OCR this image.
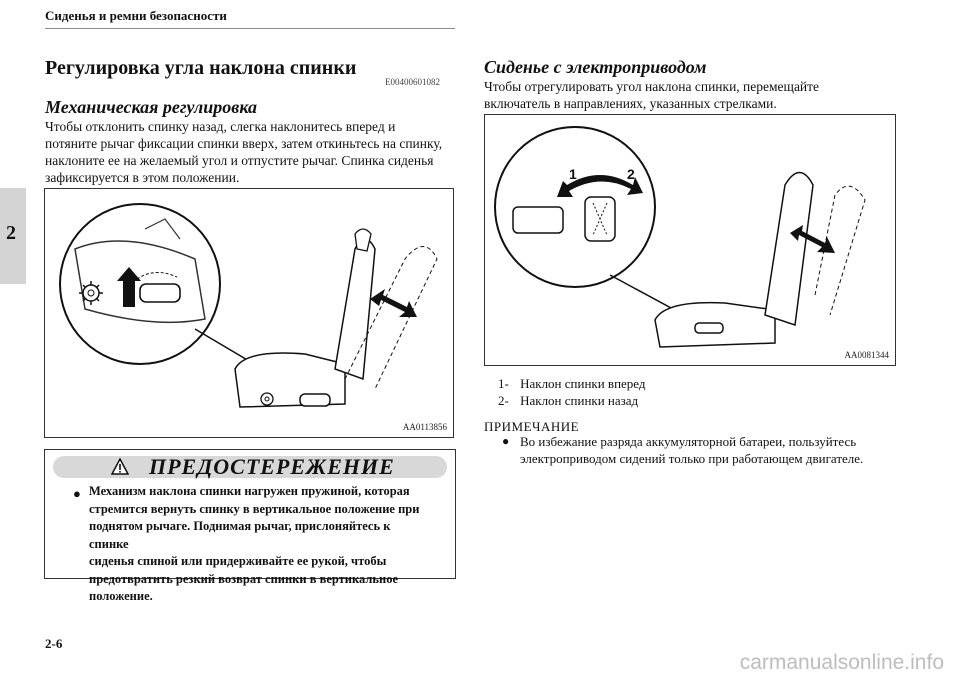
Сиденья и ремни безопасности
2
Регулировка угла наклона спинки
E00400601082
Механическая регулировка
Чтобы отклонить спинку назад, слегка наклонитесь вперед и
потяните рычаг фиксации спинки вверх, затем откиньтесь на спинку,
наклоните ее на желаемый угол и отпустите рычаг. Спинка сиденья
зафиксируется в этом положении.
AA0113856
ПРЕДОСТЕРЕЖЕНИЕ
● Механизм наклона спинки нагружен пружиной, которая
стремится вернуть спинку в вертикальное положение при
поднятом рычаге. Поднимая рычаг, прислоняйтесь к спинке
сиденья спиной или придерживайте ее рукой, чтобы
предотвратить резкий возврат спинки в вертикальное
положение.
Сиденье с электроприводом
Чтобы отрегулировать угол наклона спинки, перемещайте
включатель в направлениях, указанных стрелками.
1	2
AA0081344
1- Наклон спинки вперед
2- Наклон спинки назад
ПРИМЕЧАНИЕ
● Во избежание разряда аккумуляторной батареи, пользуйтесь
электроприводом сидений только при работающем двигателе.
2-6
carmanualsonline.info
